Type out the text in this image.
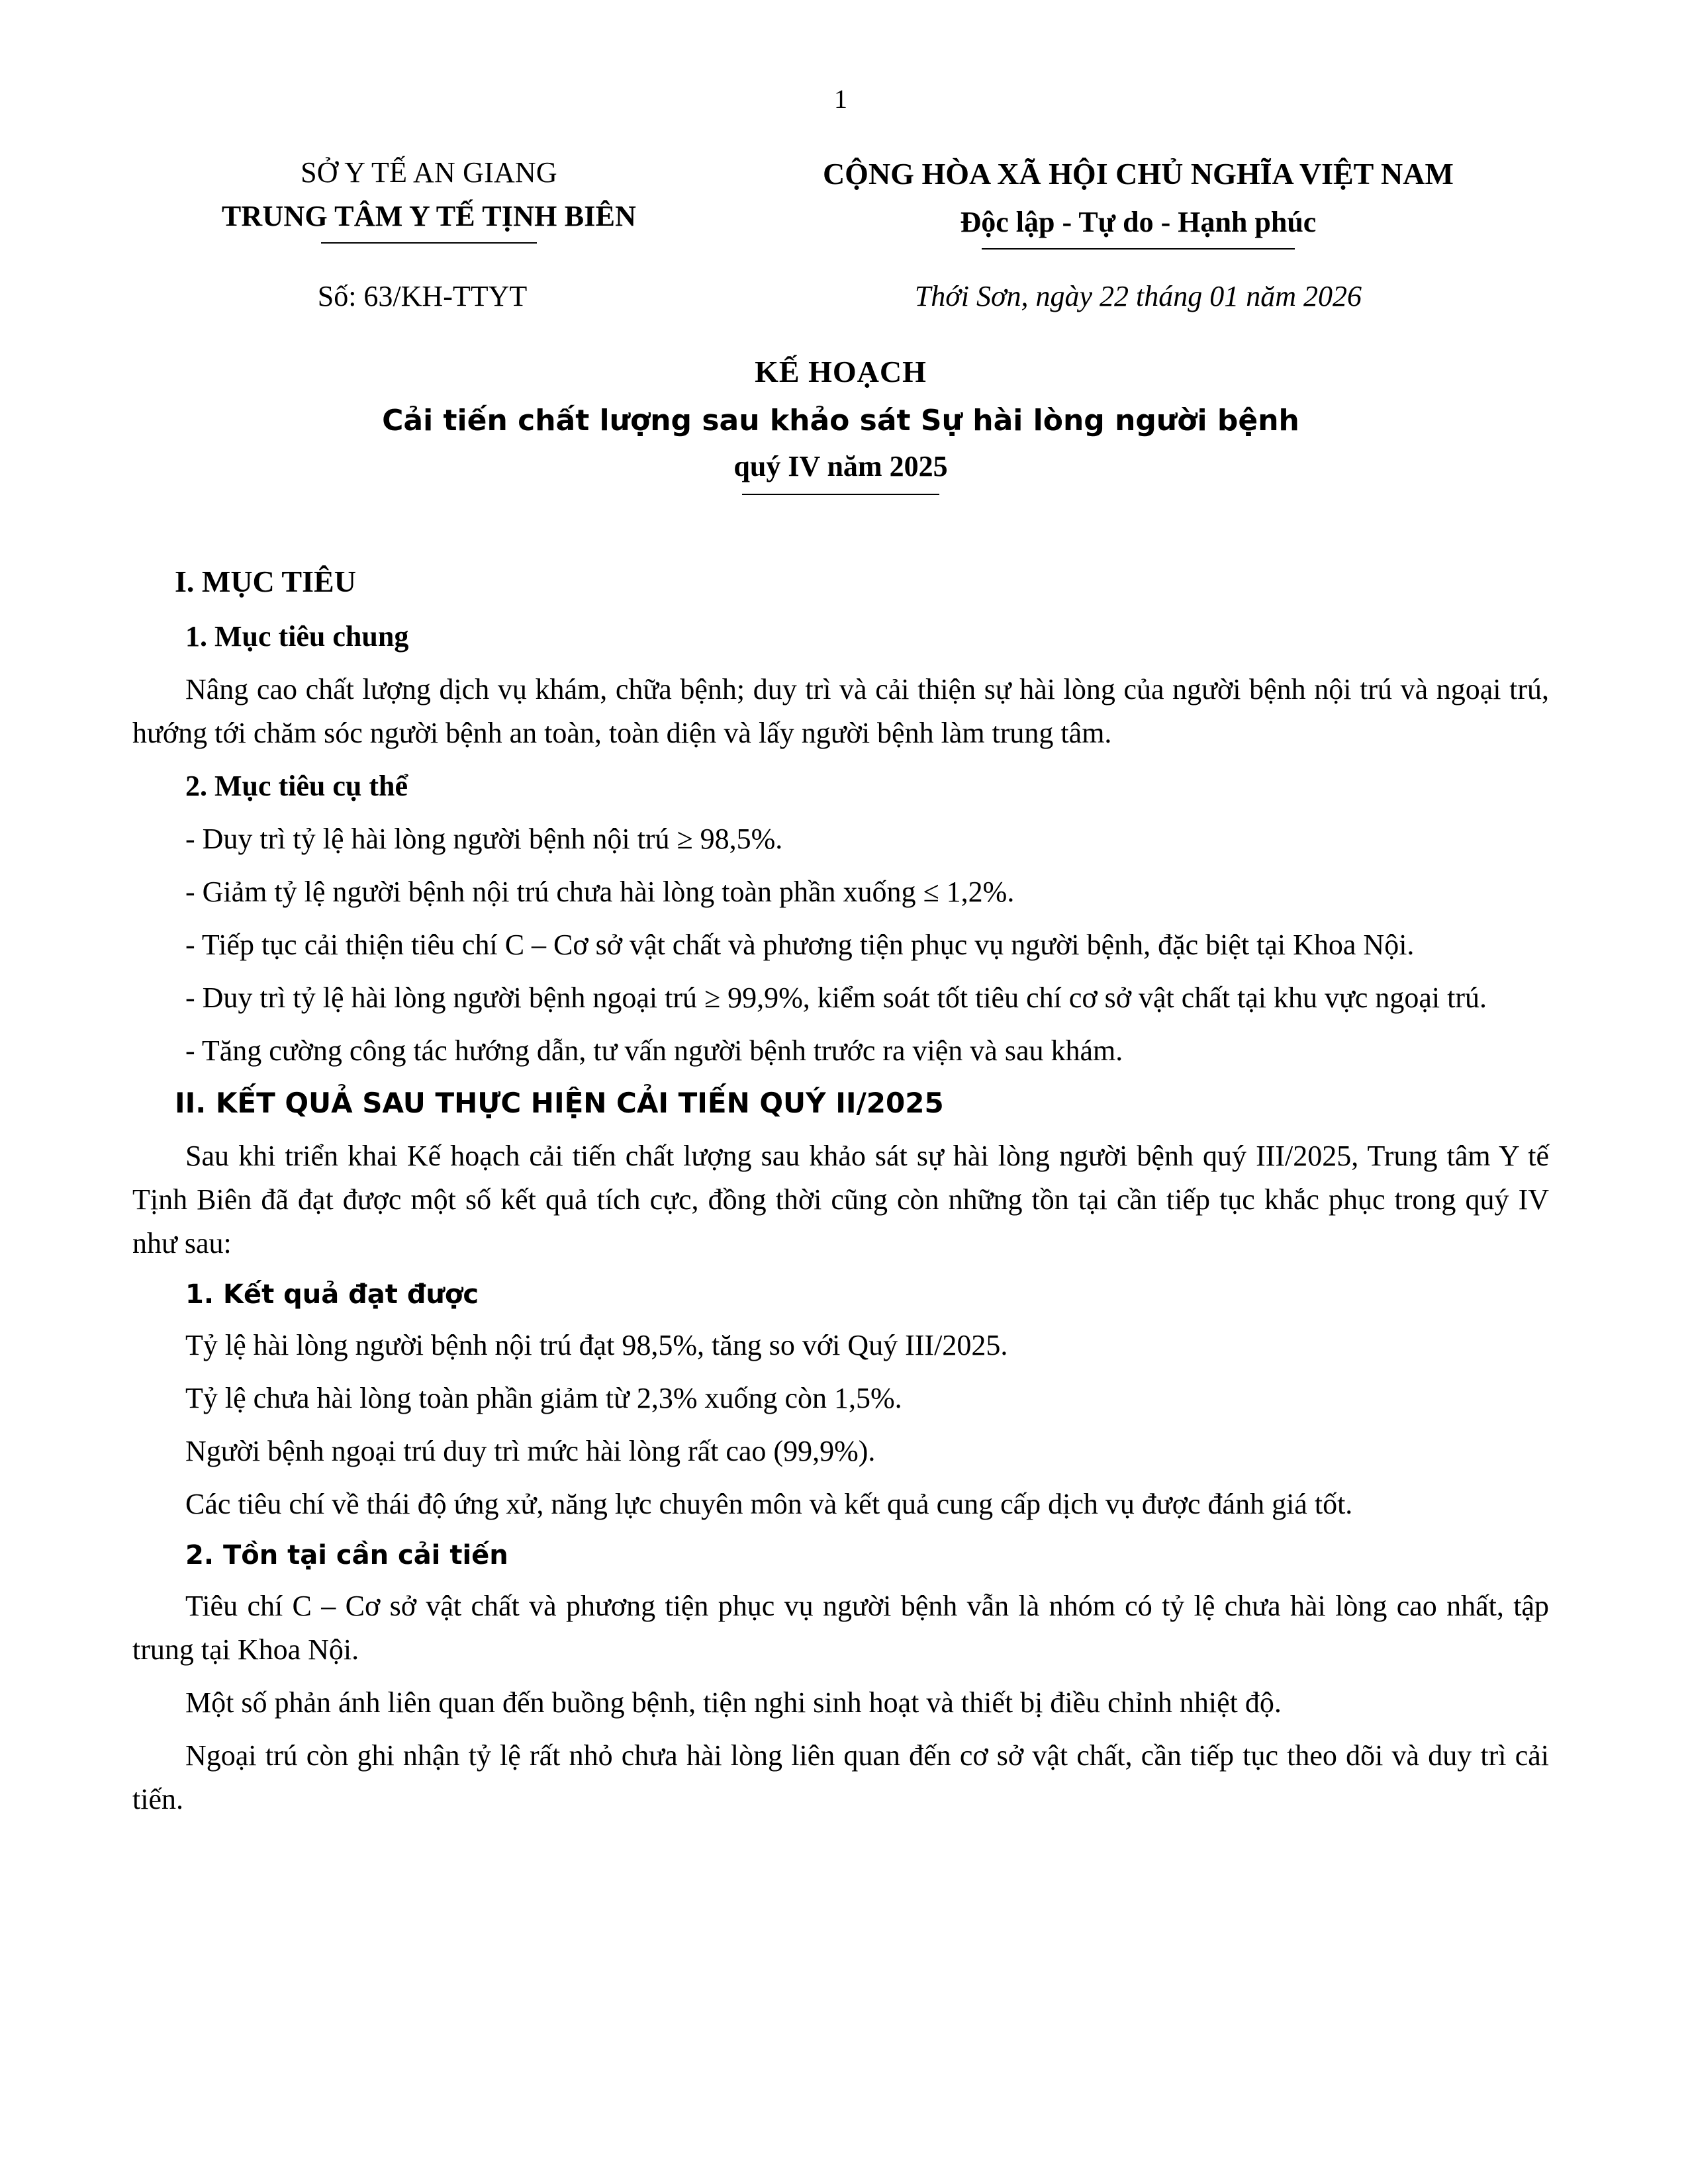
1
SỞ Y TẾ AN GIANG
TRUNG TÂM Y TẾ TỊNH BIÊN
CỘNG HÒA XÃ HỘI CHỦ NGHĨA VIỆT NAM
Độc lập - Tự do - Hạnh phúc
Số: 63/KH-TTYT	Thới Sơn, ngày 22 tháng 01 năm 2026
KẾ HOẠCH
Cải tiến chất lượng sau khảo sát Sự hài lòng người bệnh
quý IV năm 2025

I. MỤC TIÊU

1. Mục tiêu chung

Nâng cao chất lượng dịch vụ khám, chữa bệnh; duy trì và cải thiện sự hài lòng của người bệnh nội trú và ngoại trú, hướng tới chăm sóc người bệnh an toàn, toàn diện và lấy người bệnh làm trung tâm.

2. Mục tiêu cụ thể

- Duy trì tỷ lệ hài lòng người bệnh nội trú ≥ 98,5%.

- Giảm tỷ lệ người bệnh nội trú chưa hài lòng toàn phần xuống ≤ 1,2%.

- Tiếp tục cải thiện tiêu chí C – Cơ sở vật chất và phương tiện phục vụ người bệnh, đặc biệt tại Khoa Nội.

- Duy trì tỷ lệ hài lòng người bệnh ngoại trú ≥ 99,9%, kiểm soát tốt tiêu chí cơ sở vật chất tại khu vực ngoại trú.

- Tăng cường công tác hướng dẫn, tư vấn người bệnh trước ra viện và sau khám.

II. KẾT QUẢ SAU THỰC HIỆN CẢI TIẾN QUÝ II/2025

Sau khi triển khai Kế hoạch cải tiến chất lượng sau khảo sát sự hài lòng người bệnh quý III/2025, Trung tâm Y tế Tịnh Biên đã đạt được một số kết quả tích cực, đồng thời cũng còn những tồn tại cần tiếp tục khắc phục trong quý IV như sau:

1. Kết quả đạt được

Tỷ lệ hài lòng người bệnh nội trú đạt 98,5%, tăng so với Quý III/2025.

Tỷ lệ chưa hài lòng toàn phần giảm từ 2,3% xuống còn 1,5%.

Người bệnh ngoại trú duy trì mức hài lòng rất cao (99,9%).

Các tiêu chí về thái độ ứng xử, năng lực chuyên môn và kết quả cung cấp dịch vụ được đánh giá tốt.

2. Tồn tại cần cải tiến

Tiêu chí C – Cơ sở vật chất và phương tiện phục vụ người bệnh vẫn là nhóm có tỷ lệ chưa hài lòng cao nhất, tập trung tại Khoa Nội.

Một số phản ánh liên quan đến buồng bệnh, tiện nghi sinh hoạt và thiết bị điều chỉnh nhiệt độ.

Ngoại trú còn ghi nhận tỷ lệ rất nhỏ chưa hài lòng liên quan đến cơ sở vật chất, cần tiếp tục theo dõi và duy trì cải tiến.
